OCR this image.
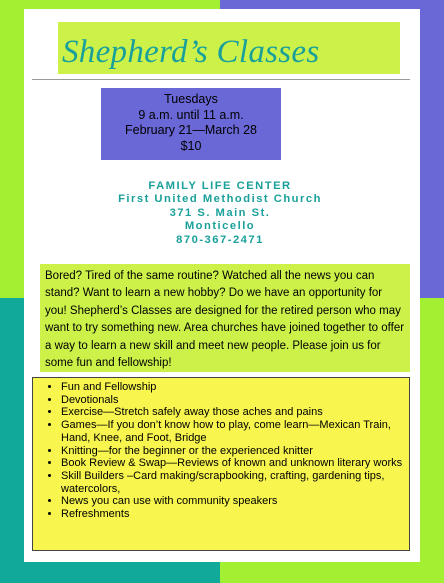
Shepherd’s Classes
Tuesdays
9 a.m. until 11 a.m.
February 21—March 28
$10
FAMILY LIFE CENTER
First United Methodist Church
371 S. Main St.
Monticello
870-367-2471
Bored? Tired of the same routine? Watched all the news you can stand? Want to learn a new hobby? Do we have an opportunity for you! Shepherd’s Classes are designed for the retired person who may want to try something new. Area churches have joined together to offer a way to learn a new skill and meet new people. Please join us for some fun and fellowship!
• Fun and Fellowship
• Devotionals
• Exercise—Stretch safely away those aches and pains
• Games—If you don’t know how to play, come learn—Mexican Train, Hand, Knee, and Foot, Bridge
• Knitting—for the beginner or the experienced knitter
• Book Review & Swap—Reviews of known and unknown literary works
• Skill Builders –Card making/scrapbooking, crafting, gardening tips, watercolors,
• News you can use with community speakers
• Refreshments
